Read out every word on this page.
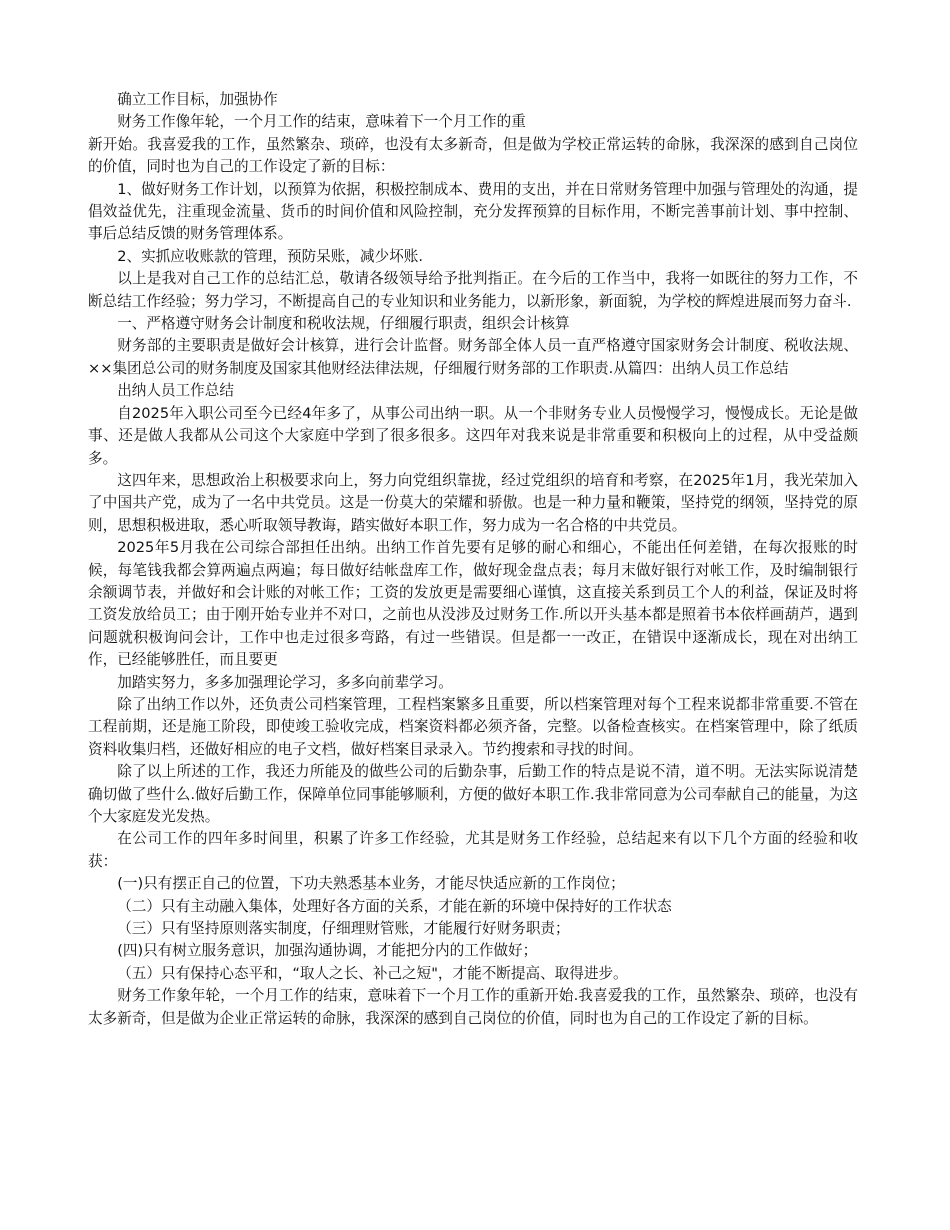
确立工作目标，加强协作

财务工作像年轮，一个月工作的结束，意味着下一个月工作的重

新开始。我喜爱我的工作，虽然繁杂、琐碎，也没有太多新奇，但是做为学校正常运转的命脉，我深深的感到自己岗位的价值，同时也为自己的工作设定了新的目标：

1、做好财务工作计划，以预算为依据，积极控制成本、费用的支出，并在日常财务管理中加强与管理处的沟通，提倡效益优先，注重现金流量、货币的时间价值和风险控制，充分发挥预算的目标作用，不断完善事前计划、事中控制、事后总结反馈的财务管理体系。

2、实抓应收账款的管理，预防呆账，减少坏账.

以上是我对自己工作的总结汇总，敬请各级领导给予批判指正。在今后的工作当中，我将一如既往的努力工作，不断总结工作经验；努力学习，不断提高自己的专业知识和业务能力，以新形象，新面貌，为学校的辉煌进展而努力奋斗.

一、严格遵守财务会计制度和税收法规，仔细履行职责，组织会计核算

财务部的主要职责是做好会计核算，进行会计监督。财务部全体人员一直严格遵守国家财务会计制度、税收法规、××集团总公司的财务制度及国家其他财经法律法规，仔细履行财务部的工作职责.从篇四：出纳人员工作总结

出纳人员工作总结

自2025年入职公司至今已经4年多了，从事公司出纳一职。从一个非财务专业人员慢慢学习，慢慢成长。无论是做事、还是做人我都从公司这个大家庭中学到了很多很多。这四年对我来说是非常重要和积极向上的过程，从中受益颇多。

这四年来，思想政治上积极要求向上，努力向党组织靠拢，经过党组织的培育和考察，在2025年1月，我光荣加入了中国共产党，成为了一名中共党员。这是一份莫大的荣耀和骄傲。也是一种力量和鞭策，坚持党的纲领，坚持党的原则，思想积极进取，悉心听取领导教诲，踏实做好本职工作，努力成为一名合格的中共党员。

2025年5月我在公司综合部担任出纳。出纳工作首先要有足够的耐心和细心，不能出任何差错，在每次报账的时候，每笔钱我都会算两遍点两遍；每日做好结帐盘库工作，做好现金盘点表；每月末做好银行对帐工作，及时编制银行余额调节表，并做好和会计账的对帐工作；工资的发放更是需要细心谨慎，这直接关系到员工个人的利益，保证及时将工资发放给员工；由于刚开始专业并不对口，之前也从没涉及过财务工作.所以开头基本都是照着书本依样画葫芦，遇到问题就积极询问会计，工作中也走过很多弯路，有过一些错误。但是都一一改正，在错误中逐渐成长，现在对出纳工作，已经能够胜任，而且要更

加踏实努力，多多加强理论学习，多多向前辈学习。

除了出纳工作以外，还负责公司档案管理，工程档案繁多且重要，所以档案管理对每个工程来说都非常重要.不管在工程前期，还是施工阶段，即使竣工验收完成，档案资料都必须齐备，完整。以备检查核实。在档案管理中，除了纸质资料收集归档，还做好相应的电子文档，做好档案目录录入。节约搜索和寻找的时间。

除了以上所述的工作，我还力所能及的做些公司的后勤杂事，后勤工作的特点是说不清，道不明。无法实际说清楚确切做了些什么.做好后勤工作，保障单位同事能够顺利，方便的做好本职工作.我非常同意为公司奉献自己的能量，为这个大家庭发光发热。

在公司工作的四年多时间里，积累了许多工作经验，尤其是财务工作经验，总结起来有以下几个方面的经验和收获：

(一)只有摆正自己的位置，下功夫熟悉基本业务，才能尽快适应新的工作岗位；

（二）只有主动融入集体，处理好各方面的关系，才能在新的环境中保持好的工作状态

（三）只有坚持原则落实制度，仔细理财管账，才能履行好财务职责；

(四)只有树立服务意识，加强沟通协调，才能把分内的工作做好；

（五）只有保持心态平和，“取人之长、补己之短"，才能不断提高、取得进步。

财务工作象年轮，一个月工作的结束，意味着下一个月工作的重新开始.我喜爱我的工作，虽然繁杂、琐碎，也没有太多新奇，但是做为企业正常运转的命脉，我深深的感到自己岗位的价值，同时也为自己的工作设定了新的目标。
